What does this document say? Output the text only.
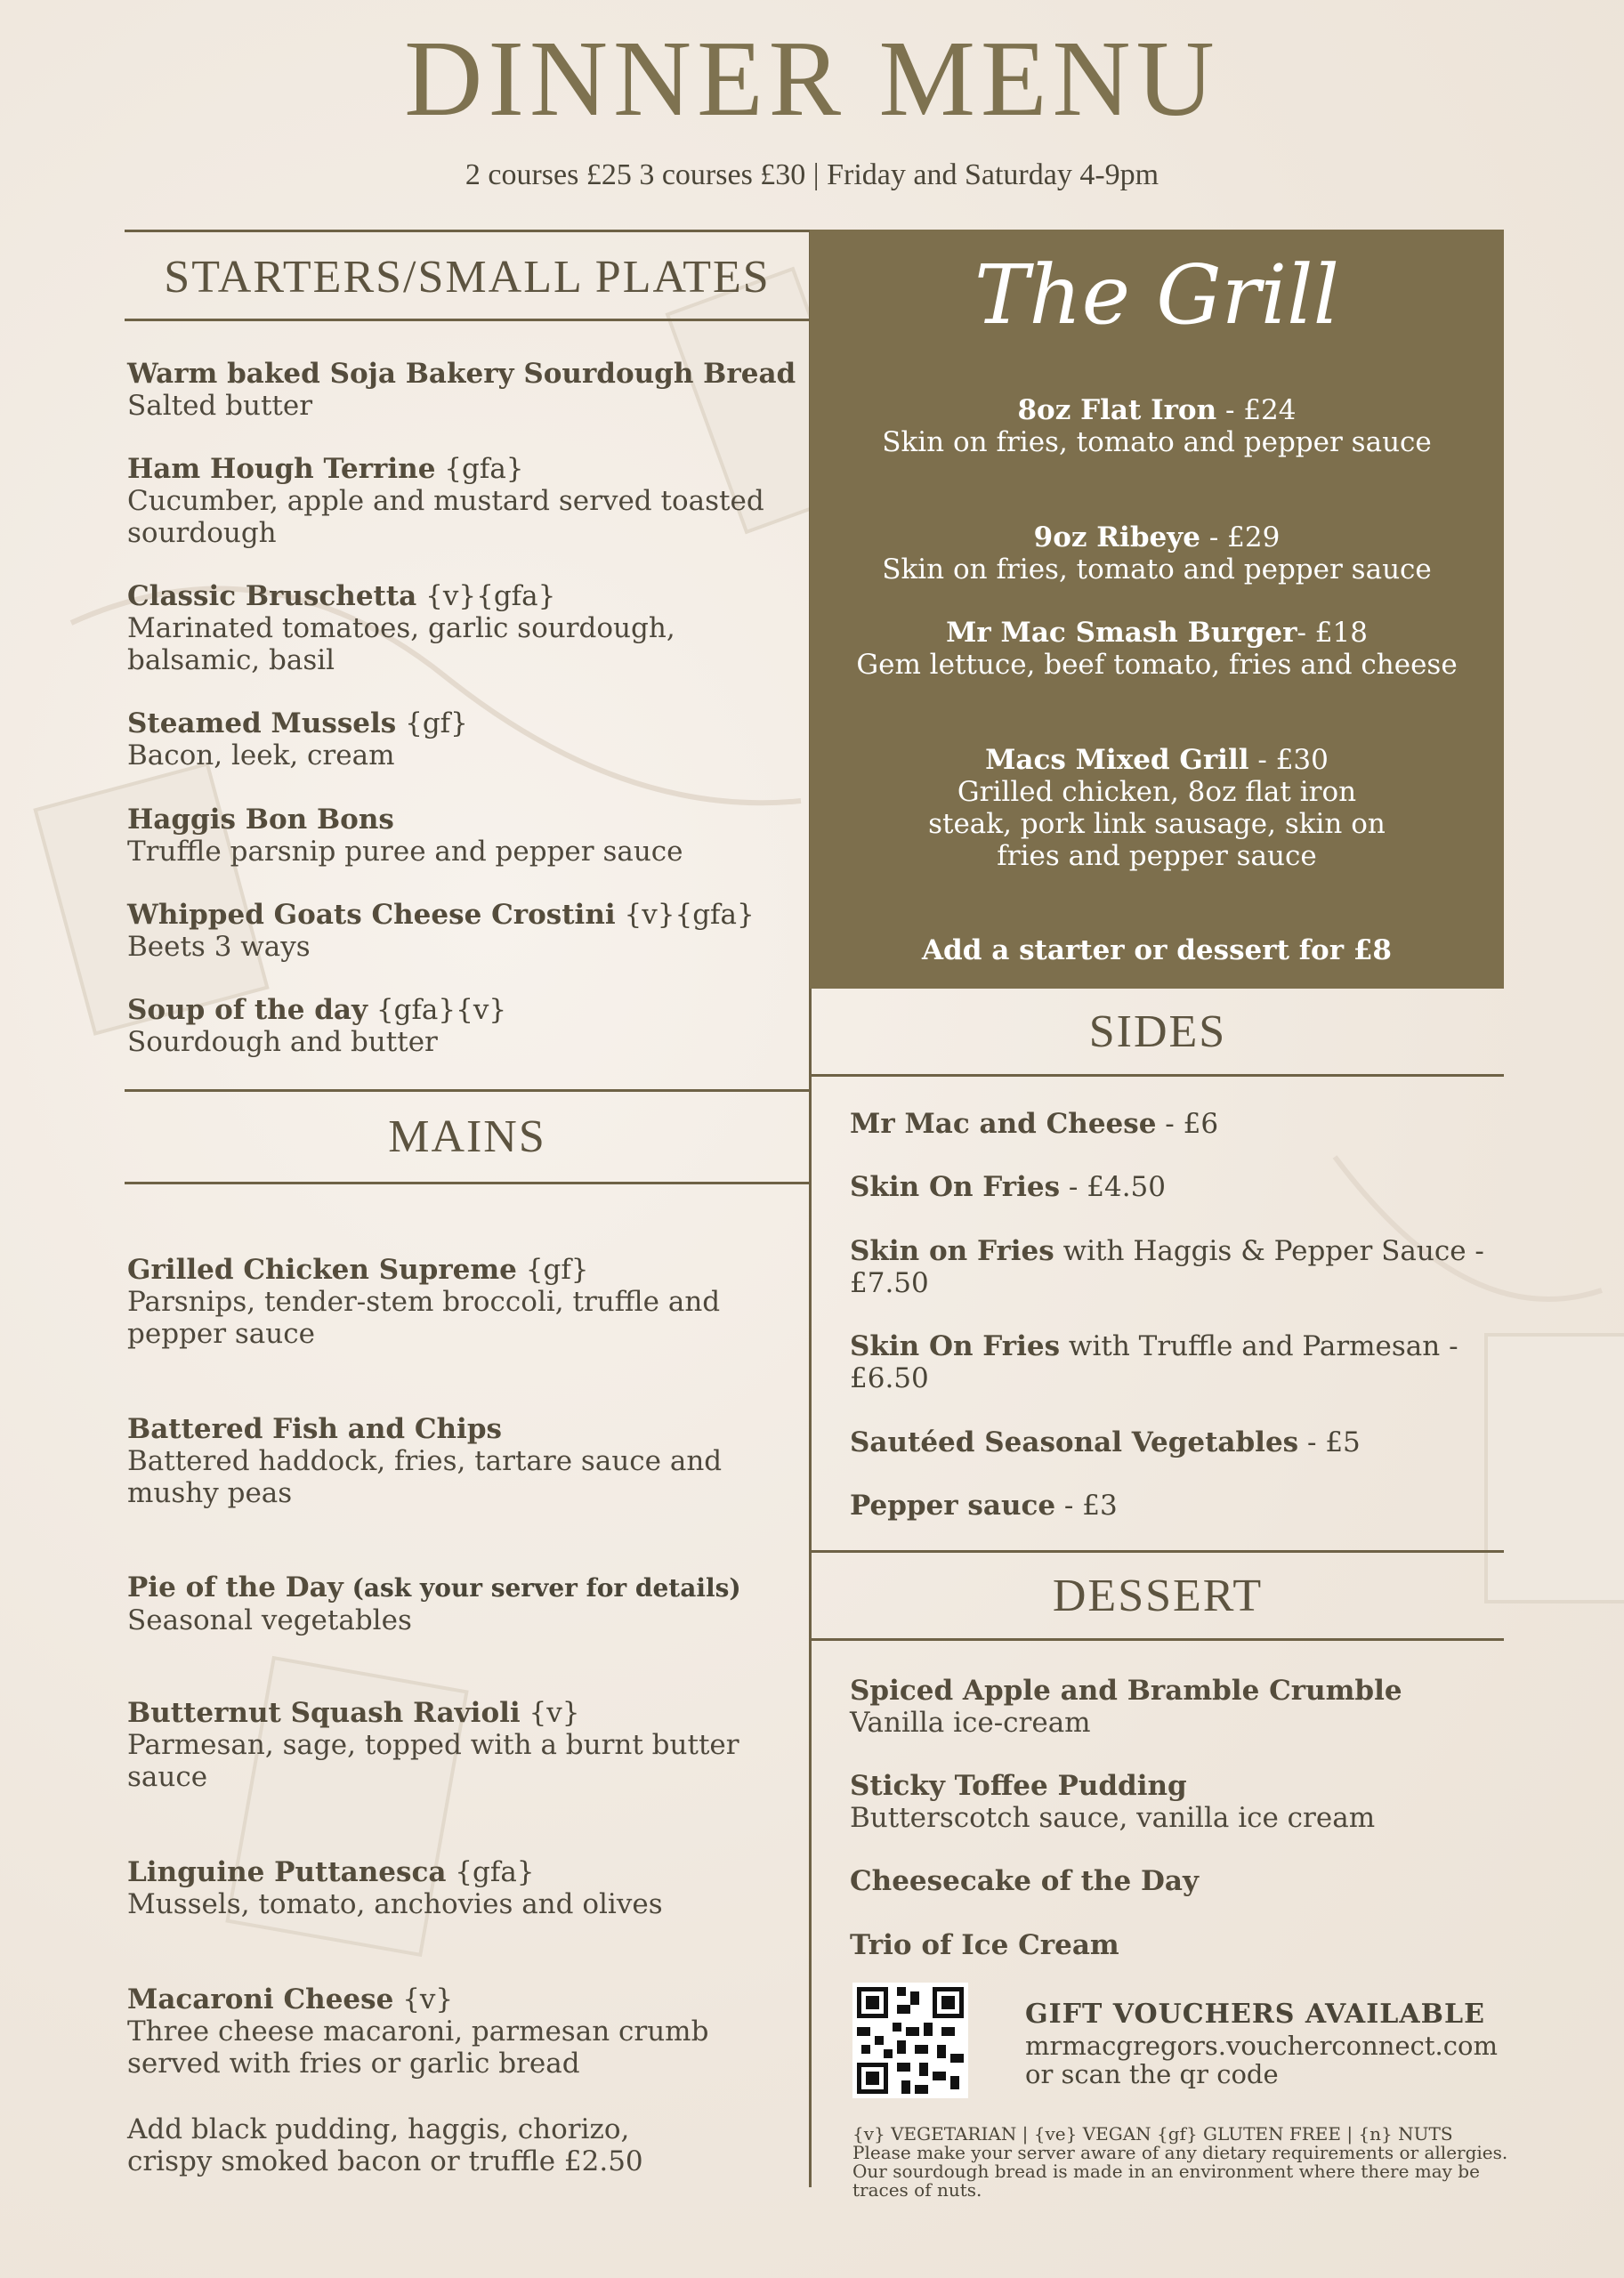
DINNER MENU
2 courses £25 3 courses £30 | Friday and Saturday 4-9pm
STARTERS/SMALL PLATES
Warm baked Soja Bakery Sourdough Bread
Salted butter
Ham Hough Terrine {gfa}
Cucumber, apple and mustard served toasted sourdough
Classic Bruschetta {v}{gfa}
Marinated tomatoes, garlic sourdough, balsamic, basil
Steamed Mussels {gf}
Bacon, leek, cream
Haggis Bon Bons
Truffle parsnip puree and pepper sauce
Whipped Goats Cheese Crostini {v}{gfa}
Beets 3 ways
Soup of the day {gfa}{v}
Sourdough and butter
MAINS
Grilled Chicken Supreme {gf}
Parsnips, tender-stem broccoli, truffle and pepper sauce
Battered Fish and Chips
Battered haddock, fries, tartare sauce and mushy peas
Pie of the Day (ask your server for details)
Seasonal vegetables
Butternut Squash Ravioli {v}
Parmesan, sage, topped with a burnt butter sauce
Linguine Puttanesca {gfa}
Mussels, tomato, anchovies and olives
Macaroni Cheese {v}
Three cheese macaroni, parmesan crumb served with fries or garlic bread
Add black pudding, haggis, chorizo, crispy smoked bacon or truffle £2.50
The Grill
8oz Flat Iron - £24
Skin on fries, tomato and pepper sauce
9oz Ribeye - £29
Skin on fries, tomato and pepper sauce
Mr Mac Smash Burger- £18
Gem lettuce, beef tomato, fries and cheese
Macs Mixed Grill - £30
Grilled chicken, 8oz flat iron steak, pork link sausage, skin on fries and pepper sauce
Add a starter or dessert for £8
SIDES
Mr Mac and Cheese - £6
Skin On Fries - £4.50
Skin on Fries with Haggis & Pepper Sauce - £7.50
Skin On Fries with Truffle and Parmesan - £6.50
Sautéed Seasonal Vegetables - £5
Pepper sauce - £3
DESSERT
Spiced Apple and Bramble Crumble
Vanilla ice-cream
Sticky Toffee Pudding
Butterscotch sauce, vanilla ice cream
Cheesecake of the Day
Trio of Ice Cream
GIFT VOUCHERS AVAILABLE
mrmacgregors.voucherconnect.com
or scan the qr code
{v} VEGETARIAN | {ve} VEGAN {gf} GLUTEN FREE | {n} NUTS
Please make your server aware of any dietary requirements or allergies.
Our sourdough bread is made in an environment where there may be
traces of nuts.
